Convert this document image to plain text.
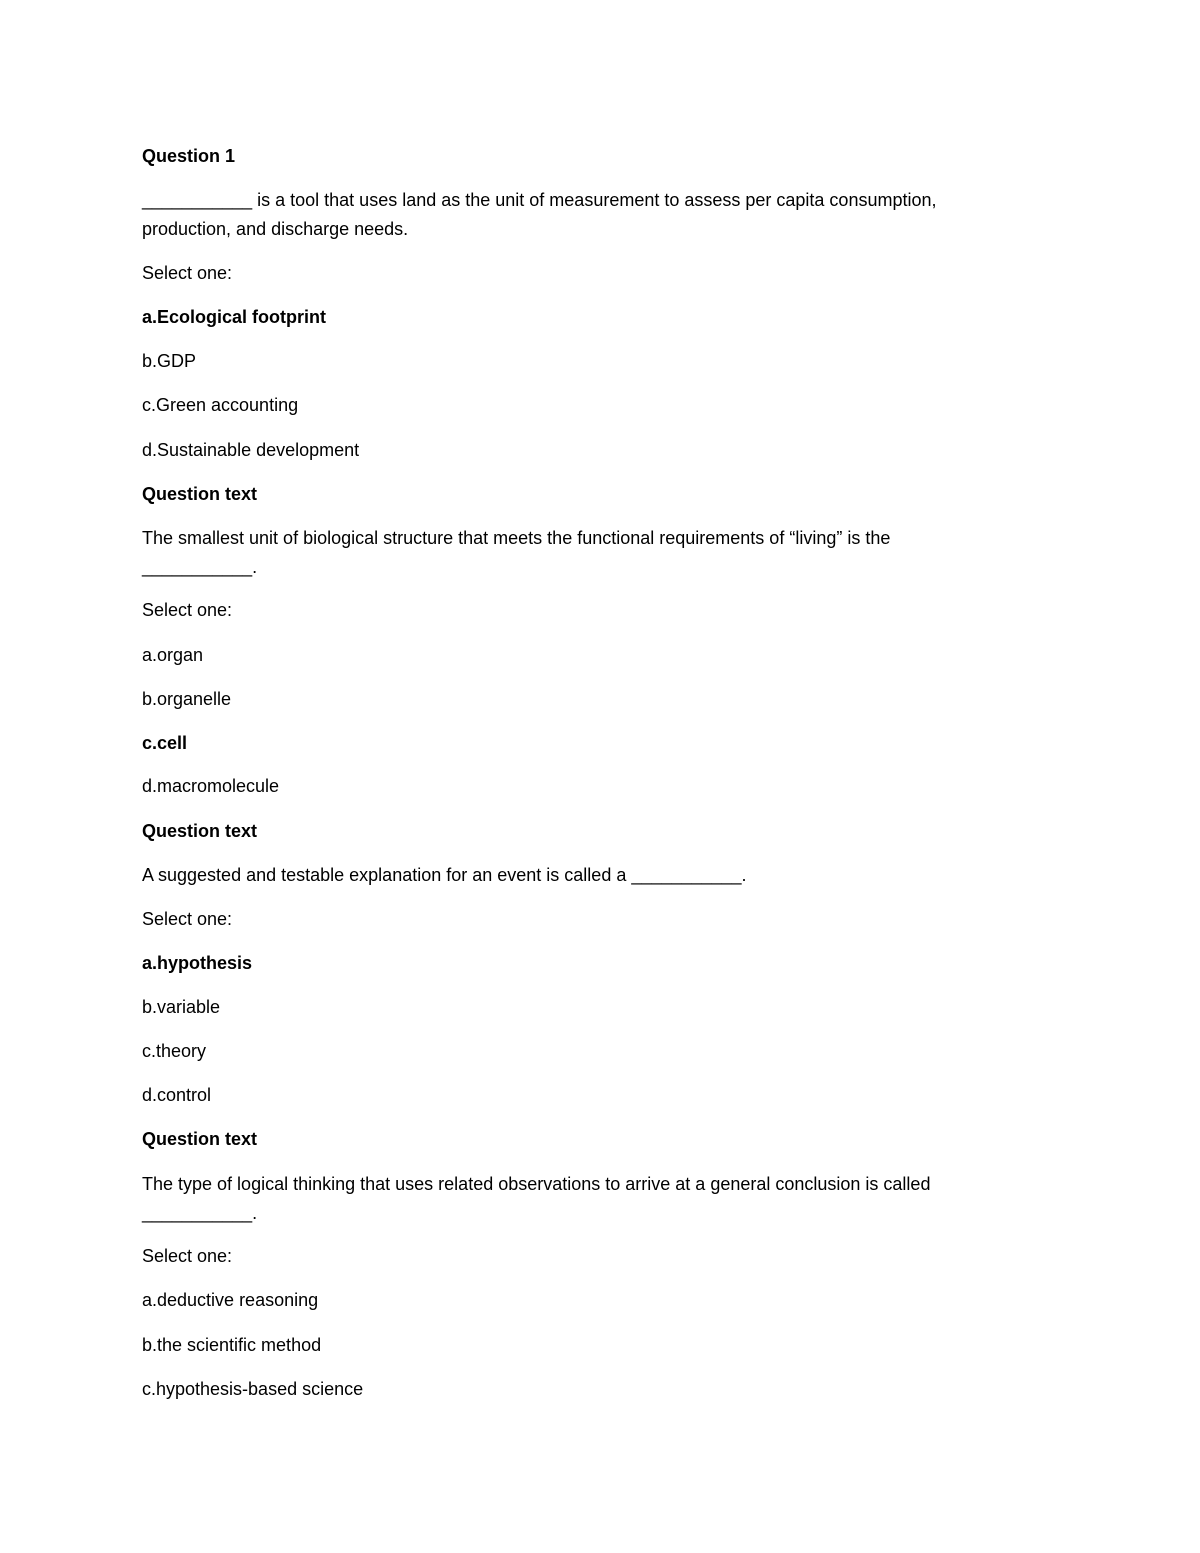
Question 1
___________ is a tool that uses land as the unit of measurement to assess per capita consumption,
production, and discharge needs.
Select one:
a.Ecological footprint
b.GDP
c.Green accounting
d.Sustainable development
Question text
The smallest unit of biological structure that meets the functional requirements of “living” is the
___________.
Select one:
a.organ
b.organelle
c.cell
d.macromolecule
Question text
A suggested and testable explanation for an event is called a ___________.
Select one:
a.hypothesis
b.variable
c.theory
d.control
Question text
The type of logical thinking that uses related observations to arrive at a general conclusion is called
___________.
Select one:
a.deductive reasoning
b.the scientific method
c.hypothesis-based science
